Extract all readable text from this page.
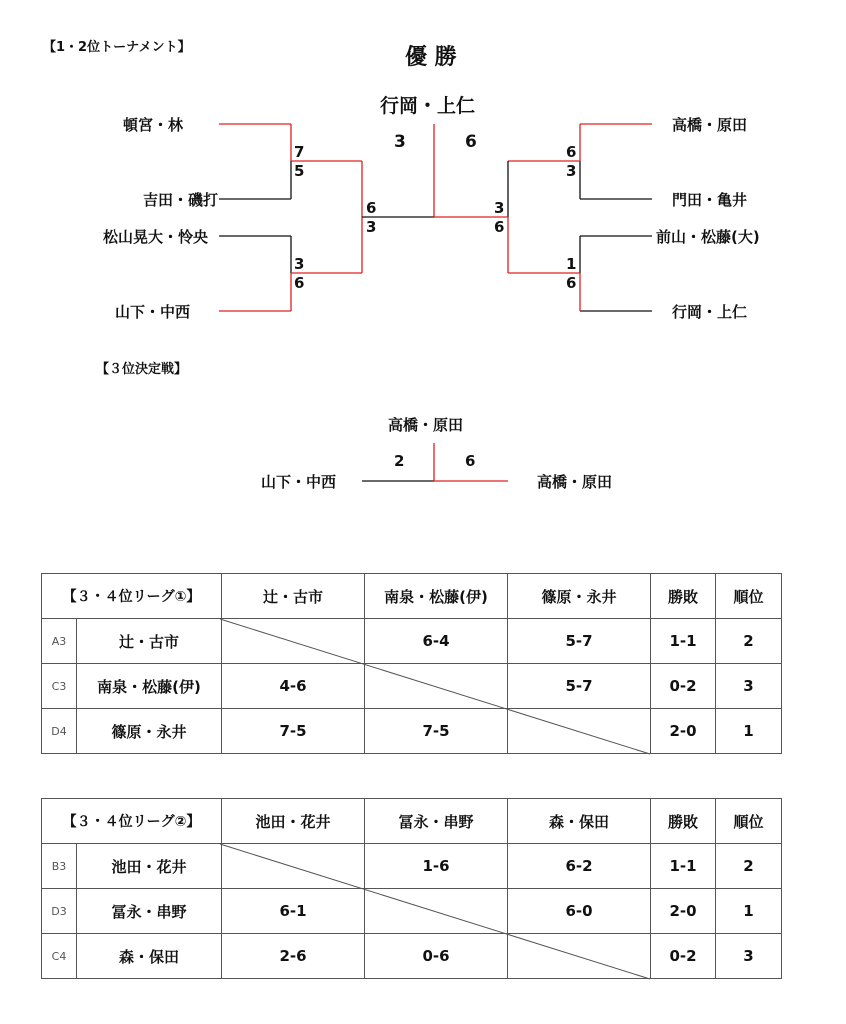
【1・2位トーナメント】	優 勝
行岡・上仁
3	6
頓宮・林
吉田・磯打
松山晃大・怜央
山下・中西
7
5
3
6
6
3
高橋・原田
門田・亀井
前山・松藤(大)
行岡・上仁
6
3
1
6
3
6
【３位決定戦】
高橋・原田
2	6
山下・中西	高橋・原田
【３・４位リーグ①】		辻・古市	南泉・松藤(伊)	篠原・永井	勝敗	順位
A3	辻・古市		6-4	5-7	1-1	2
C3	南泉・松藤(伊)	4-6		5-7	0-2	3
D4	篠原・永井	7-5	7-5		2-0	1
【３・４位リーグ②】		池田・花井	冨永・串野	森・保田	勝敗	順位
B3	池田・花井		1-6	6-2	1-1	2
D3	冨永・串野	6-1		6-0	2-0	1
C4	森・保田	2-6	0-6		0-2	3
